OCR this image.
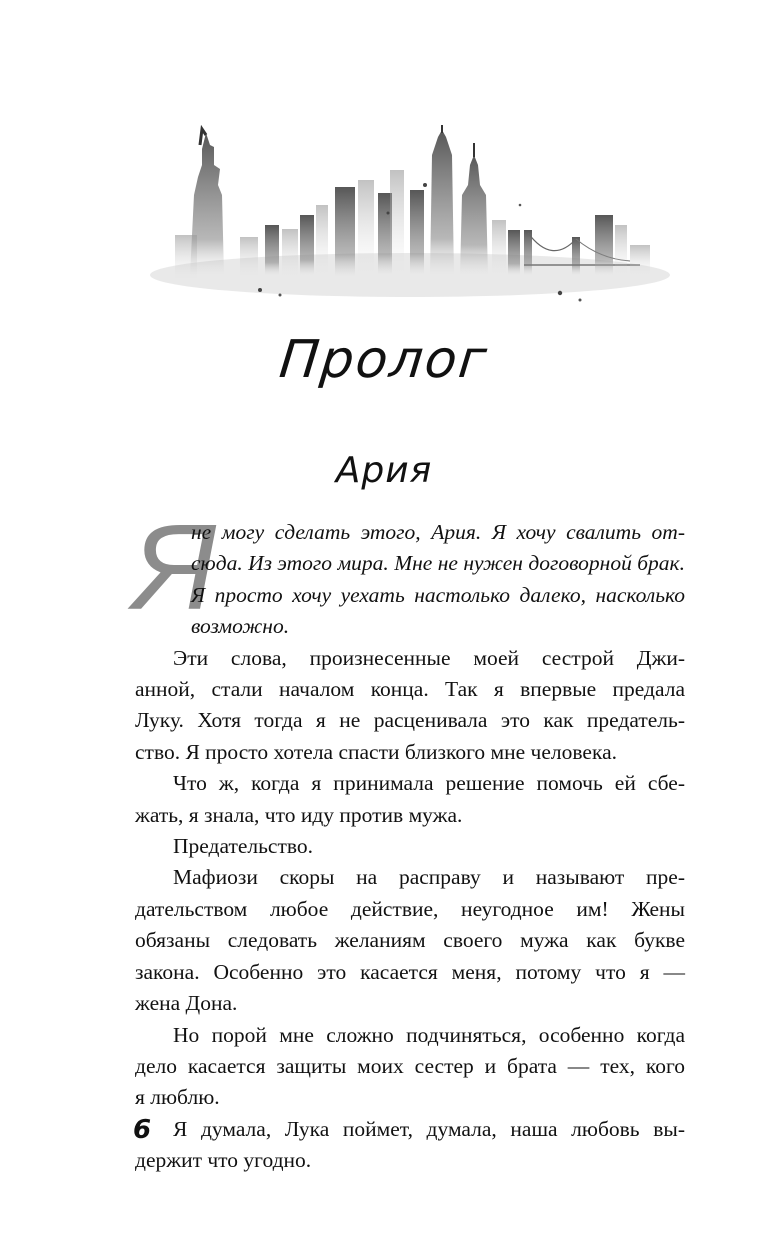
Пролог
Ария

Я
не могу сделать этого, Ария. Я хочу свалить от-
сюда. Из этого мира. Мне не нужен договорной брак.
Я просто хочу уехать настолько далеко, насколько
возможно.

Эти слова, произнесенные моей сестрой Джи-
анной, стали началом конца. Так я впервые предала
Луку. Хотя тогда я не расценивала это как предатель-
ство. Я просто хотела спасти близкого мне человека.

Что ж, когда я принимала решение помочь ей сбе-
жать, я знала, что иду против мужа.

Предательство.

Мафиози скоры на расправу и называют пре-
дательством любое действие, неугодное им! Жены
обязаны следовать желаниям своего мужа как букве
закона. Особенно это касается меня, потому что я —
жена Дона.

Но порой мне сложно подчиняться, особенно когда
дело касается защиты моих сестер и брата — тех, кого
я люблю.

Я думала, Лука поймет, думала, наша любовь вы-
держит что угодно.

6
